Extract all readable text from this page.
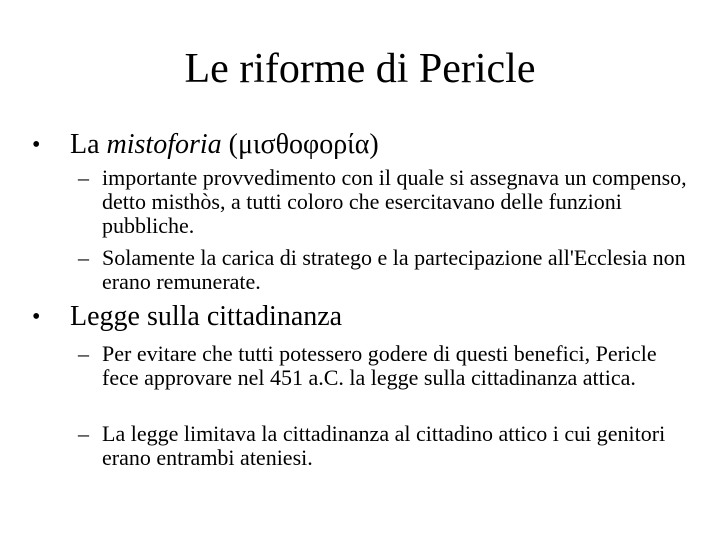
Le riforme di Pericle
• La mistoforia (μισθοφορία)
– importante provvedimento con il quale si assegnava un compenso, detto misthòs, a tutti coloro che esercitavano delle funzioni pubbliche.
– Solamente la carica di stratego e la partecipazione all'Ecclesia non erano remunerate.
• Legge sulla cittadinanza
– Per evitare che tutti potessero godere di questi benefici, Pericle fece approvare nel 451 a.C. la legge sulla cittadinanza attica.
– La legge limitava la cittadinanza al cittadino attico i cui genitori erano entrambi ateniesi.
